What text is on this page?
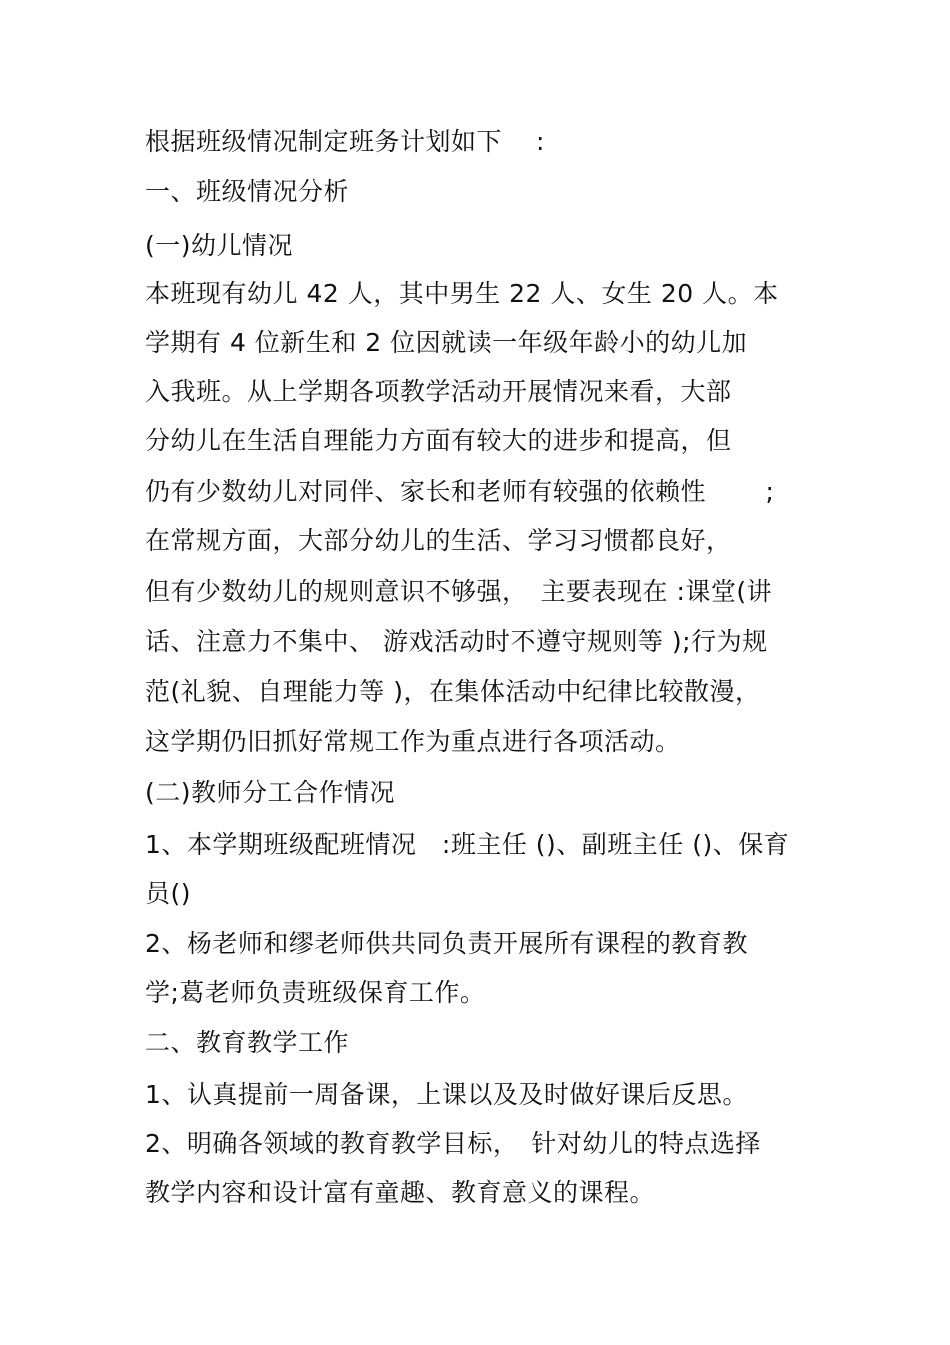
根据班级情况制定班务计划如下　 :
一、班级情况分析
(一)幼儿情况
本班现有幼儿 42 人，其中男生 22 人、女生 20 人。本
学期有 4 位新生和 2 位因就读一年级年龄小的幼儿加
入我班。从上学期各项教学活动开展情况来看，大部
分幼儿在生活自理能力方面有较大的进步和提高，但
仍有少数幼儿对同伴、家长和老师有较强的依赖性　　 ;
在常规方面，大部分幼儿的生活、学习习惯都良好，
但有少数幼儿的规则意识不够强，　主要表现在 :课堂(讲
话、注意力不集中、 游戏活动时不遵守规则等 );行为规
范(礼貌、自理能力等 )，在集体活动中纪律比较散漫，
这学期仍旧抓好常规工作为重点进行各项活动。
(二)教师分工合作情况
1、本学期班级配班情况　:班主任 ()、副班主任 ()、保育
员()
2、杨老师和缪老师供共同负责开展所有课程的教育教
学;葛老师负责班级保育工作。
二、教育教学工作
1、认真提前一周备课，上课以及及时做好课后反思。
2、明确各领域的教育教学目标，　针对幼儿的特点选择
教学内容和设计富有童趣、教育意义的课程。
